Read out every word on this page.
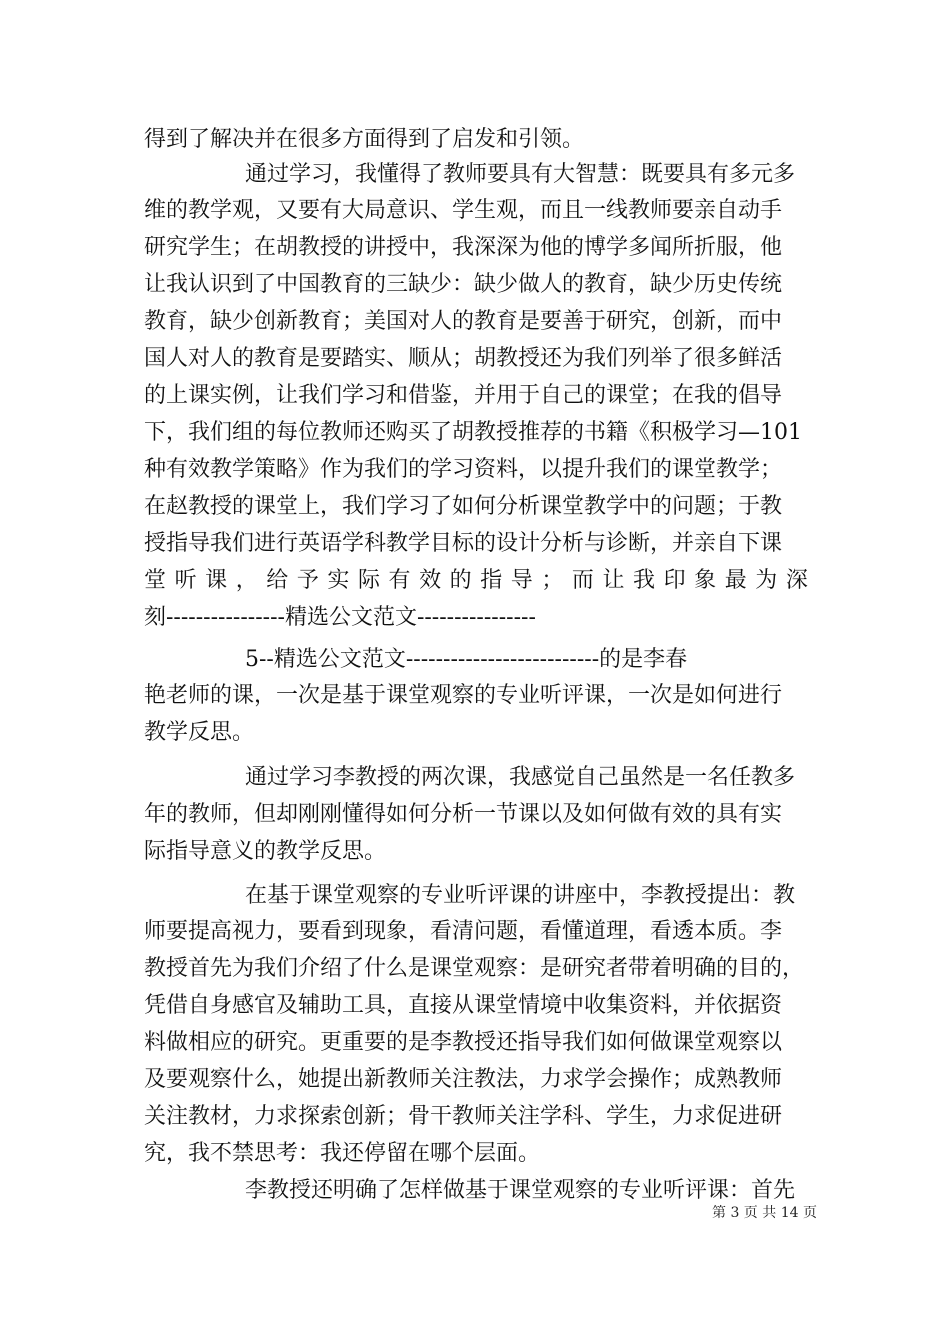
得到了解决并在很多方面得到了启发和引领。
通过学习，我懂得了教师要具有大智慧：既要具有多元多
维的教学观，又要有大局意识、学生观，而且一线教师要亲自动手
研究学生；在胡教授的讲授中，我深深为他的博学多闻所折服，他
让我认识到了中国教育的三缺少：缺少做人的教育，缺少历史传统
教育，缺少创新教育；美国对人的教育是要善于研究，创新，而中
国人对人的教育是要踏实、顺从；胡教授还为我们列举了很多鲜活
的上课实例，让我们学习和借鉴，并用于自己的课堂；在我的倡导
下，我们组的每位教师还购买了胡教授推荐的书籍《积极学习—101
种有效教学策略》作为我们的学习资料，以提升我们的课堂教学；
在赵教授的课堂上，我们学习了如何分析课堂教学中的问题；于教
授指导我们进行英语学科教学目标的设计分析与诊断，并亲自下课
堂 听 课 ， 给 予 实 际 有 效 的 指 导 ； 而 让 我 印 象 最 为 深
刻----------------精选公文范文----------------
5--精选公文范文--------------------------的是李春
艳老师的课，一次是基于课堂观察的专业听评课，一次是如何进行
教学反思。
通过学习李教授的两次课，我感觉自己虽然是一名任教多
年的教师，但却刚刚懂得如何分析一节课以及如何做有效的具有实
际指导意义的教学反思。
在基于课堂观察的专业听评课的讲座中，李教授提出：教
师要提高视力，要看到现象，看清问题，看懂道理，看透本质。李
教授首先为我们介绍了什么是课堂观察：是研究者带着明确的目的，
凭借自身感官及辅助工具，直接从课堂情境中收集资料，并依据资
料做相应的研究。更重要的是李教授还指导我们如何做课堂观察以
及要观察什么，她提出新教师关注教法，力求学会操作；成熟教师
关注教材，力求探索创新；骨干教师关注学科、学生，力求促进研
究，我不禁思考：我还停留在哪个层面。
李教授还明确了怎样做基于课堂观察的专业听评课：首先
第 3 页 共 14 页
